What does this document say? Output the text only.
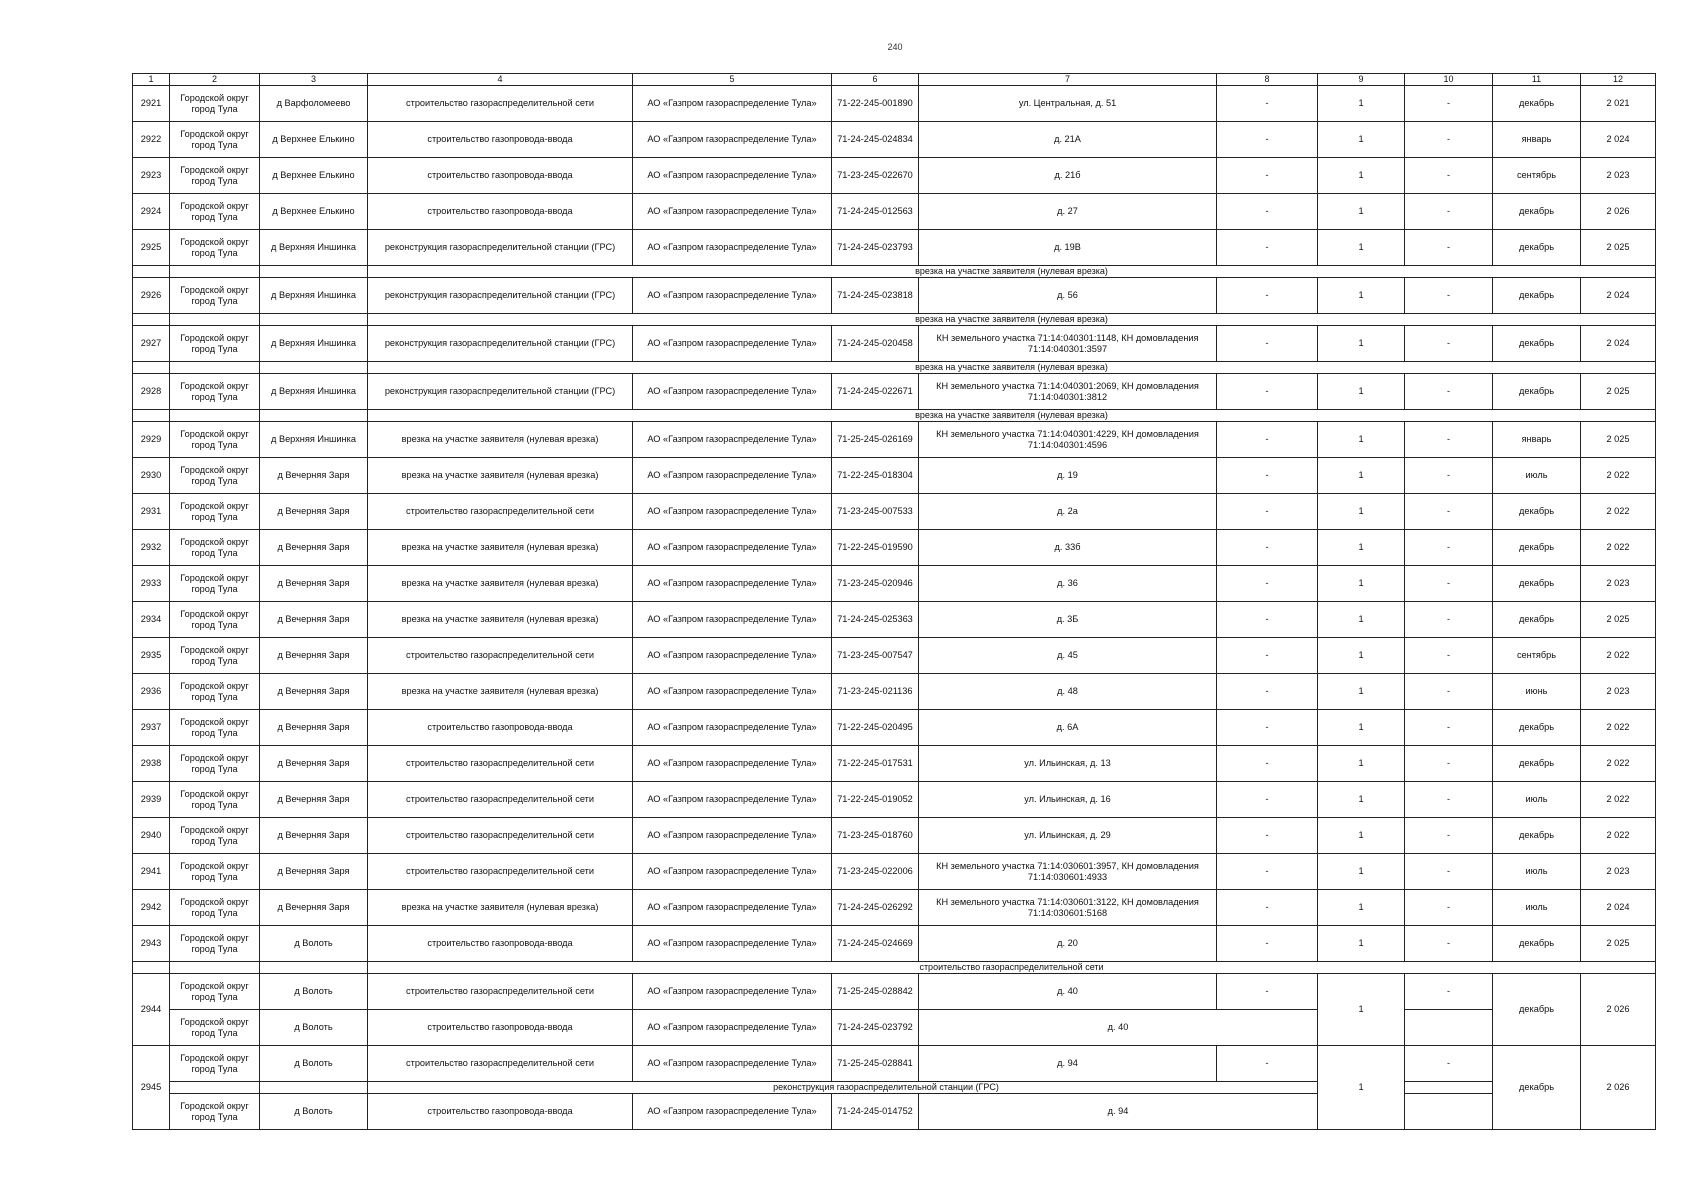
240
1	2	3	4	5	6	7	8	9	10	11	12
2921	Городской округ город Тула	д Варфоломеево	строительство газораспределительной сети	АО «Газпром газораспределение Тула»	71-22-245-001890	ул. Центральная, д. 51	-	1	-	декабрь	2 021
2922	Городской округ город Тула	д Верхнее Елькино	строительство газопровода-ввода	АО «Газпром газораспределение Тула»	71-24-245-024834	д. 21А	-	1	-	январь	2 024
2923	Городской округ город Тула	д Верхнее Елькино	строительство газопровода-ввода	АО «Газпром газораспределение Тула»	71-23-245-022670	д. 21б	-	1	-	сентябрь	2 023
2924	Городской округ город Тула	д Верхнее Елькино	строительство газопровода-ввода	АО «Газпром газораспределение Тула»	71-24-245-012563	д. 27	-	1	-	декабрь	2 026
2925	Городской округ город Тула	д Верхняя Иншинка	реконструкция газораспределительной станции (ГРС)	АО «Газпром газораспределение Тула»	71-24-245-023793	д. 19В	-	1	-	декабрь	2 025
			врезка на участке заявителя (нулевая врезка)								
2926	Городской округ город Тула	д Верхняя Иншинка	реконструкция газораспределительной станции (ГРС)	АО «Газпром газораспределение Тула»	71-24-245-023818	д. 56	-	1	-	декабрь	2 024
			врезка на участке заявителя (нулевая врезка)								
2927	Городской округ город Тула	д Верхняя Иншинка	реконструкция газораспределительной станции (ГРС)	АО «Газпром газораспределение Тула»	71-24-245-020458	КН земельного участка 71:14:040301:1148, КН домовладения 71:14:040301:3597	-	1	-	декабрь	2 024
			врезка на участке заявителя (нулевая врезка)								
2928	Городской округ город Тула	д Верхняя Иншинка	реконструкция газораспределительной станции (ГРС)	АО «Газпром газораспределение Тула»	71-24-245-022671	КН земельного участка 71:14:040301:2069, КН домовладения 71:14:040301:3812	-	1	-	декабрь	2 025
			врезка на участке заявителя (нулевая врезка)								
2929	Городской округ город Тула	д Верхняя Иншинка	врезка на участке заявителя (нулевая врезка)	АО «Газпром газораспределение Тула»	71-25-245-026169	КН земельного участка 71:14:040301:4229, КН домовладения 71:14:040301:4596	-	1	-	январь	2 025
2930	Городской округ город Тула	д Вечерняя Заря	врезка на участке заявителя (нулевая врезка)	АО «Газпром газораспределение Тула»	71-22-245-018304	д. 19	-	1	-	июль	2 022
2931	Городской округ город Тула	д Вечерняя Заря	строительство газораспределительной сети	АО «Газпром газораспределение Тула»	71-23-245-007533	д. 2а	-	1	-	декабрь	2 022
2932	Городской округ город Тула	д Вечерняя Заря	врезка на участке заявителя (нулевая врезка)	АО «Газпром газораспределение Тула»	71-22-245-019590	д. 33б	-	1	-	декабрь	2 022
2933	Городской округ город Тула	д Вечерняя Заря	врезка на участке заявителя (нулевая врезка)	АО «Газпром газораспределение Тула»	71-23-245-020946	д. 36	-	1	-	декабрь	2 023
2934	Городской округ город Тула	д Вечерняя Заря	врезка на участке заявителя (нулевая врезка)	АО «Газпром газораспределение Тула»	71-24-245-025363	д. 3Б	-	1	-	декабрь	2 025
2935	Городской округ город Тула	д Вечерняя Заря	строительство газораспределительной сети	АО «Газпром газораспределение Тула»	71-23-245-007547	д. 45	-	1	-	сентябрь	2 022
2936	Городской округ город Тула	д Вечерняя Заря	врезка на участке заявителя (нулевая врезка)	АО «Газпром газораспределение Тула»	71-23-245-021136	д. 48	-	1	-	июнь	2 023
2937	Городской округ город Тула	д Вечерняя Заря	строительство газопровода-ввода	АО «Газпром газораспределение Тула»	71-22-245-020495	д. 6А	-	1	-	декабрь	2 022
2938	Городской округ город Тула	д Вечерняя Заря	строительство газораспределительной сети	АО «Газпром газораспределение Тула»	71-22-245-017531	ул. Ильинская, д. 13	-	1	-	декабрь	2 022
2939	Городской округ город Тула	д Вечерняя Заря	строительство газораспределительной сети	АО «Газпром газораспределение Тула»	71-22-245-019052	ул. Ильинская, д. 16	-	1	-	июль	2 022
2940	Городской округ город Тула	д Вечерняя Заря	строительство газораспределительной сети	АО «Газпром газораспределение Тула»	71-23-245-018760	ул. Ильинская, д. 29	-	1	-	декабрь	2 022
2941	Городской округ город Тула	д Вечерняя Заря	строительство газораспределительной сети	АО «Газпром газораспределение Тула»	71-23-245-022006	КН земельного участка 71:14:030601:3957, КН домовладения 71:14:030601:4933	-	1	-	июль	2 023
2942	Городской округ город Тула	д Вечерняя Заря	врезка на участке заявителя (нулевая врезка)	АО «Газпром газораспределение Тула»	71-24-245-026292	КН земельного участка 71:14:030601:3122, КН домовладения 71:14:030601:5168	-	1	-	июль	2 024
2943	Городской округ город Тула	д Волоть	строительство газопровода-ввода	АО «Газпром газораспределение Тула»	71-24-245-024669	д. 20	-	1	-	декабрь	2 025
			строительство газораспределительной сети								
2944	Городской округ город Тула	д Волоть	строительство газораспределительной сети	АО «Газпром газораспределение Тула»	71-25-245-028842	д. 40	-	1	-	декабрь	2 026
	Городской округ город Тула	д Волоть	строительство газопровода-ввода	АО «Газпром газораспределение Тула»	71-24-245-023792	д. 40					
2945	Городской округ город Тула	д Волоть	строительство газораспределительной сети	АО «Газпром газораспределение Тула»	71-25-245-028841	д. 94	-	1	-	декабрь	2 026
			реконструкция газораспределительной станции (ГРС)								
	Городской округ город Тула	д Волоть	строительство газопровода-ввода	АО «Газпром газораспределение Тула»	71-24-245-014752	д. 94					
